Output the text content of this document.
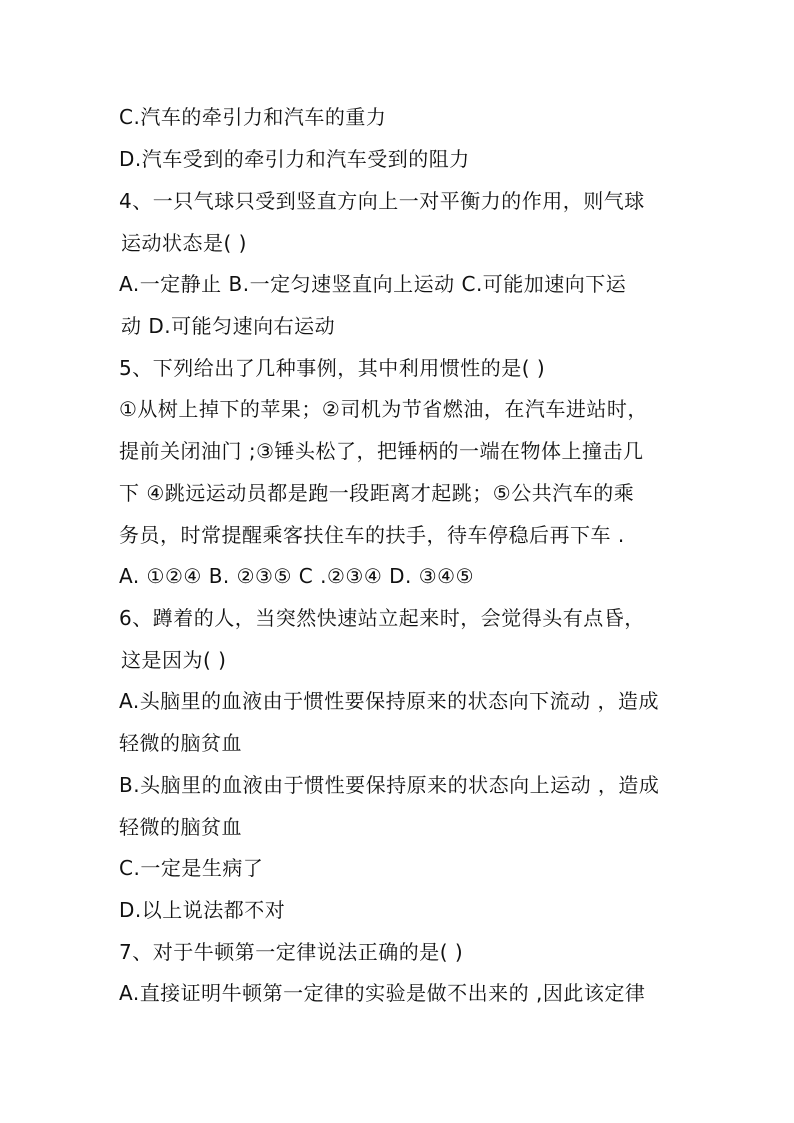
C.汽车的牵引力和汽车的重力
D.汽车受到的牵引力和汽车受到的阻力
4、一只气球只受到竖直方向上一对平衡力的作用，则气球
运动状态是( )
A.一定静止 B.一定匀速竖直向上运动 C.可能加速向下运
动 D.可能匀速向右运动
5、下列给出了几种事例，其中利用惯性的是( )
①从树上掉下的苹果；②司机为节省燃油，在汽车进站时，
提前关闭油门 ;③锤头松了，把锤柄的一端在物体上撞击几
下 ④跳远运动员都是跑一段距离才起跳；⑤公共汽车的乘
务员，时常提醒乘客扶住车的扶手，待车停稳后再下车 .
A. ①②④ B. ②③⑤ C .②③④ D. ③④⑤
6、蹲着的人，当突然快速站立起来时，会觉得头有点昏，
这是因为( )
A.头脑里的血液由于惯性要保持原来的状态向下流动 ，造成
轻微的脑贫血
B.头脑里的血液由于惯性要保持原来的状态向上运动 ，造成
轻微的脑贫血
C.一定是生病了
D.以上说法都不对
7、对于牛顿第一定律说法正确的是( )
A.直接证明牛顿第一定律的实验是做不出来的 ,因此该定律
